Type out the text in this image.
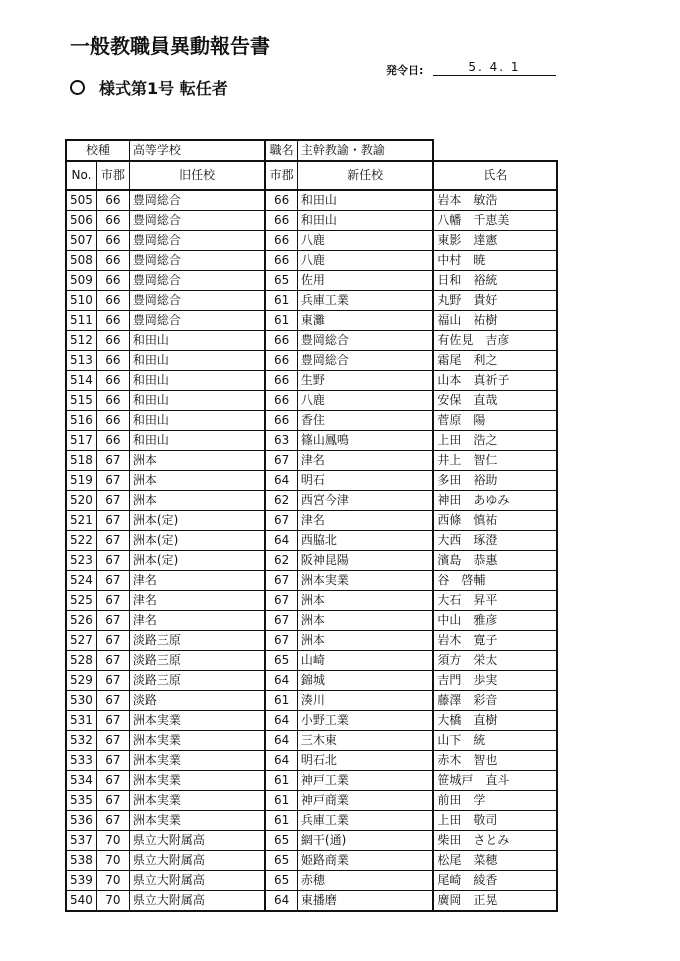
一般教職員異動報告書
様式第1号 転任者
発令日:	5. 4. 1
校種		高等学校	職名	主幹教諭・教諭	
No.	市郡	旧任校	市郡	新任校	氏名
505	66	豊岡総合	66	和田山	岩本　敏浩
506	66	豊岡総合	66	和田山	八幡　千恵美
507	66	豊岡総合	66	八鹿	東影　達憲
508	66	豊岡総合	66	八鹿	中村　暁
509	66	豊岡総合	65	佐用	日和　裕統
510	66	豊岡総合	61	兵庫工業	丸野　貴好
511	66	豊岡総合	61	東灘	福山　祐樹
512	66	和田山	66	豊岡総合	有佐見　吉彦
513	66	和田山	66	豊岡総合	霜尾　利之
514	66	和田山	66	生野	山本　真祈子
515	66	和田山	66	八鹿	安保　直哉
516	66	和田山	66	香住	菅原　陽
517	66	和田山	63	篠山鳳鳴	上田　浩之
518	67	洲本	67	津名	井上　智仁
519	67	洲本	64	明石	多田　裕助
520	67	洲本	62	西宮今津	神田　あゆみ
521	67	洲本(定)	67	津名	西條　慎祐
522	67	洲本(定)	64	西脇北	大西　琢澄
523	67	洲本(定)	62	阪神昆陽	濱島　恭惠
524	67	津名	67	洲本実業	谷　啓輔
525	67	津名	67	洲本	大石　昇平
526	67	津名	67	洲本	中山　雅彦
527	67	淡路三原	67	洲本	岩木　寛子
528	67	淡路三原	65	山崎	須方　栄太
529	67	淡路三原	64	錦城	吉門　歩実
530	67	淡路	61	湊川	藤澤　彩音
531	67	洲本実業	64	小野工業	大橋　直樹
532	67	洲本実業	64	三木東	山下　統
533	67	洲本実業	64	明石北	赤木　智也
534	67	洲本実業	61	神戸工業	笹城戸　直斗
535	67	洲本実業	61	神戸商業	前田　学
536	67	洲本実業	61	兵庫工業	上田　敬司
537	70	県立大附属高	65	網干(通)	柴田　さとみ
538	70	県立大附属高	65	姫路商業	松尾　菜穂
539	70	県立大附属高	65	赤穂	尾崎　綾香
540	70	県立大附属高	64	東播磨	廣岡　正晃
